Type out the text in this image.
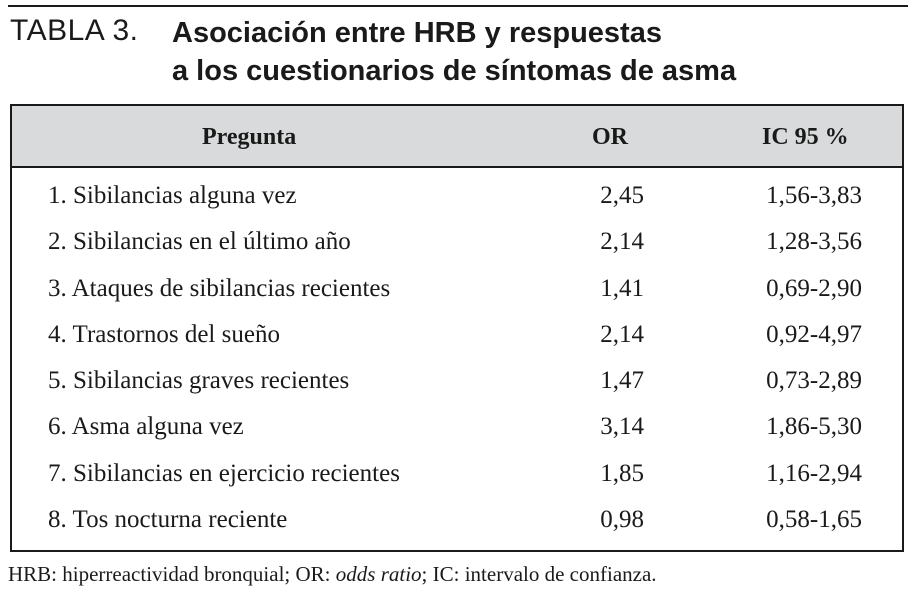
TABLA 3. Asociación entre HRB y respuestas
a los cuestionarios de síntomas de asma
Pregunta	OR	IC 95 %
1. Sibilancias alguna vez	2,45	1,56-3,83
2. Sibilancias en el último año	2,14	1,28-3,56
3. Ataques de sibilancias recientes	1,41	0,69-2,90
4. Trastornos del sueño	2,14	0,92-4,97
5. Sibilancias graves recientes	1,47	0,73-2,89
6. Asma alguna vez	3,14	1,86-5,30
7. Sibilancias en ejercicio recientes	1,85	1,16-2,94
8. Tos nocturna reciente	0,98	0,58-1,65
HRB: hiperreactividad bronquial; OR: odds ratio; IC: intervalo de confianza.
